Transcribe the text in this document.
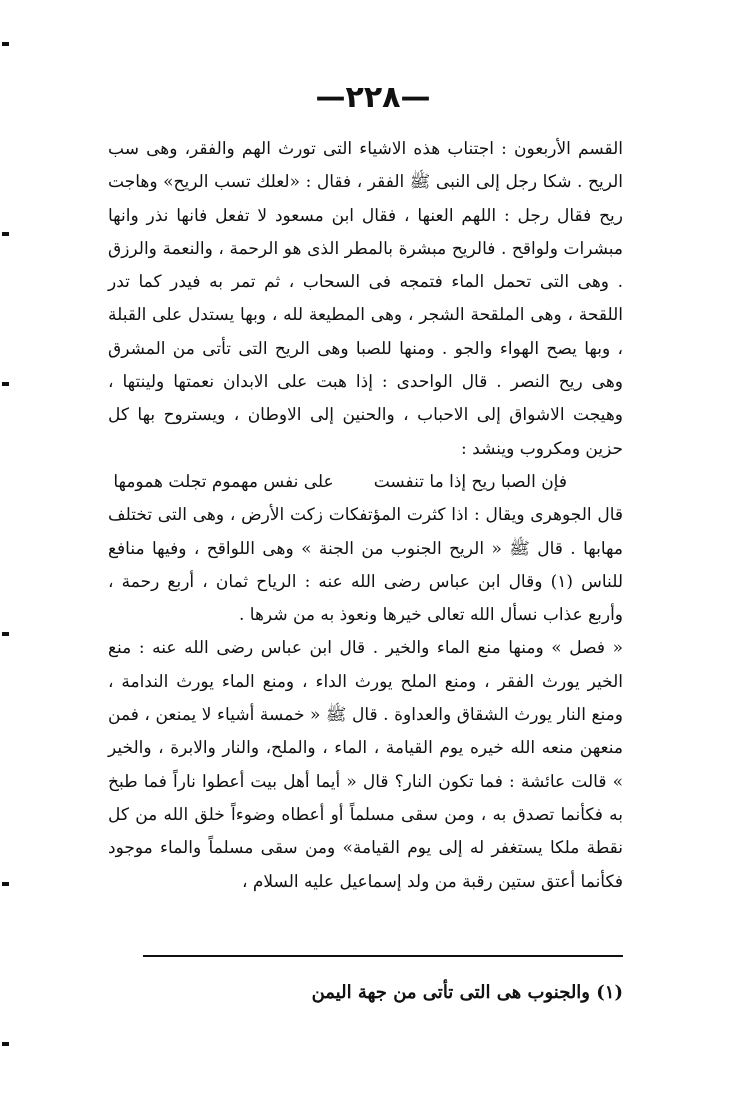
—٢٢٨—

القسم الأربعون : اجتناب هذه الاشياء التى تورث الهم والفقر، وهى سب الريح . شكا رجل إلى النبى ﷺ الفقر ، فقال : «لعلك تسب الريح» وهاجت ريح فقال رجل : اللهم العنها ، فقال ابن مسعود لا تفعل فانها نذر وانها مبشرات ولواقح . فالريح مبشرة بالمطر الذى هو الرحمة ، والنعمة والرزق . وهى التى تحمل الماء فتمجه فى السحاب ، ثم تمر به فيدر كما تدر اللقحة ، وهى الملقحة الشجر ، وهى المطيعة لله ، وبها يستدل على القبلة ، وبها يصح الهواء والجو . ومنها للصبا وهى الريح التى تأتى من المشرق وهى ريح النصر . قال الواحدى : إذا هبت على الابدان نعمتها ولينتها ، وهيجت الاشواق إلى الاحباب ، والحنين إلى الاوطان ، ويستروح بها كل حزين ومكروب وينشد :

فإن الصبا ريح إذا ما تنفست
على نفس مهموم تجلت همومها

قال الجوهرى ويقال : اذا كثرت المؤتفكات زكت الأرض ، وهى التى تختلف مهابها . قال ﷺ « الريح الجنوب من الجنة » وهى اللواقح ، وفيها منافع للناس (١) وقال ابن عباس رضى الله عنه : الرياح ثمان ، أربع رحمة ، وأربع عذاب نسأل الله تعالى خيرها ونعوذ به من شرها .

« فصل » ومنها منع الماء والخير . قال ابن عباس رضى الله عنه : منع الخير يورث الفقر ، ومنع الملح يورث الداء ، ومنع الماء يورث الندامة ، ومنع النار يورث الشقاق والعداوة . قال ﷺ « خمسة أشياء لا يمنعن ، فمن منعهن منعه الله خيره يوم القيامة ، الماء ، والملح، والنار والابرة ، والخير » قالت عائشة : فما تكون النار؟ قال « أيما أهل بيت أعطوا ناراً فما طبخ به فكأنما تصدق به ، ومن سقى مسلماً أو أعطاه وضوءاً خلق الله من كل نقطة ملكا يستغفر له إلى يوم القيامة» ومن سقى مسلماً والماء موجود فكأنما أعتق ستين رقبة من ولد إسماعيل عليه السلام ،

(١) والجنوب هى التى تأتى من جهة اليمن
